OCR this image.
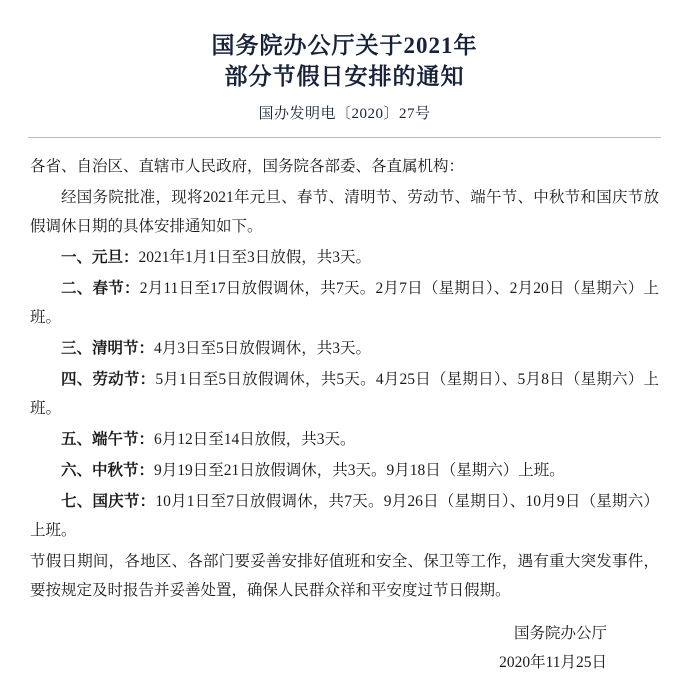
国务院办公厅关于2021年
部分节假日安排的通知
国办发明电〔2020〕27号

各省、自治区、直辖市人民政府，国务院各部委、各直属机构：

经国务院批准，现将2021年元旦、春节、清明节、劳动节、端午节、中秋节和国庆节放假调休日期的具体安排通知如下。

一、元旦：2021年1月1日至3日放假，共3天。

二、春节：2月11日至17日放假调休，共7天。2月7日（星期日）、2月20日（星期六）上班。

三、清明节：4月3日至5日放假调休，共3天。

四、劳动节：5月1日至5日放假调休，共5天。4月25日（星期日）、5月8日（星期六）上班。

五、端午节：6月12日至14日放假，共3天。

六、中秋节：9月19日至21日放假调休，共3天。9月18日（星期六）上班。

七、国庆节：10月1日至7日放假调休，共7天。9月26日（星期日）、10月9日（星期六）上班。

节假日期间，各地区、各部门要妥善安排好值班和安全、保卫等工作，遇有重大突发事件，要按规定及时报告并妥善处置，确保人民群众祥和平安度过节日假期。

国务院办公厅
2020年11月25日
